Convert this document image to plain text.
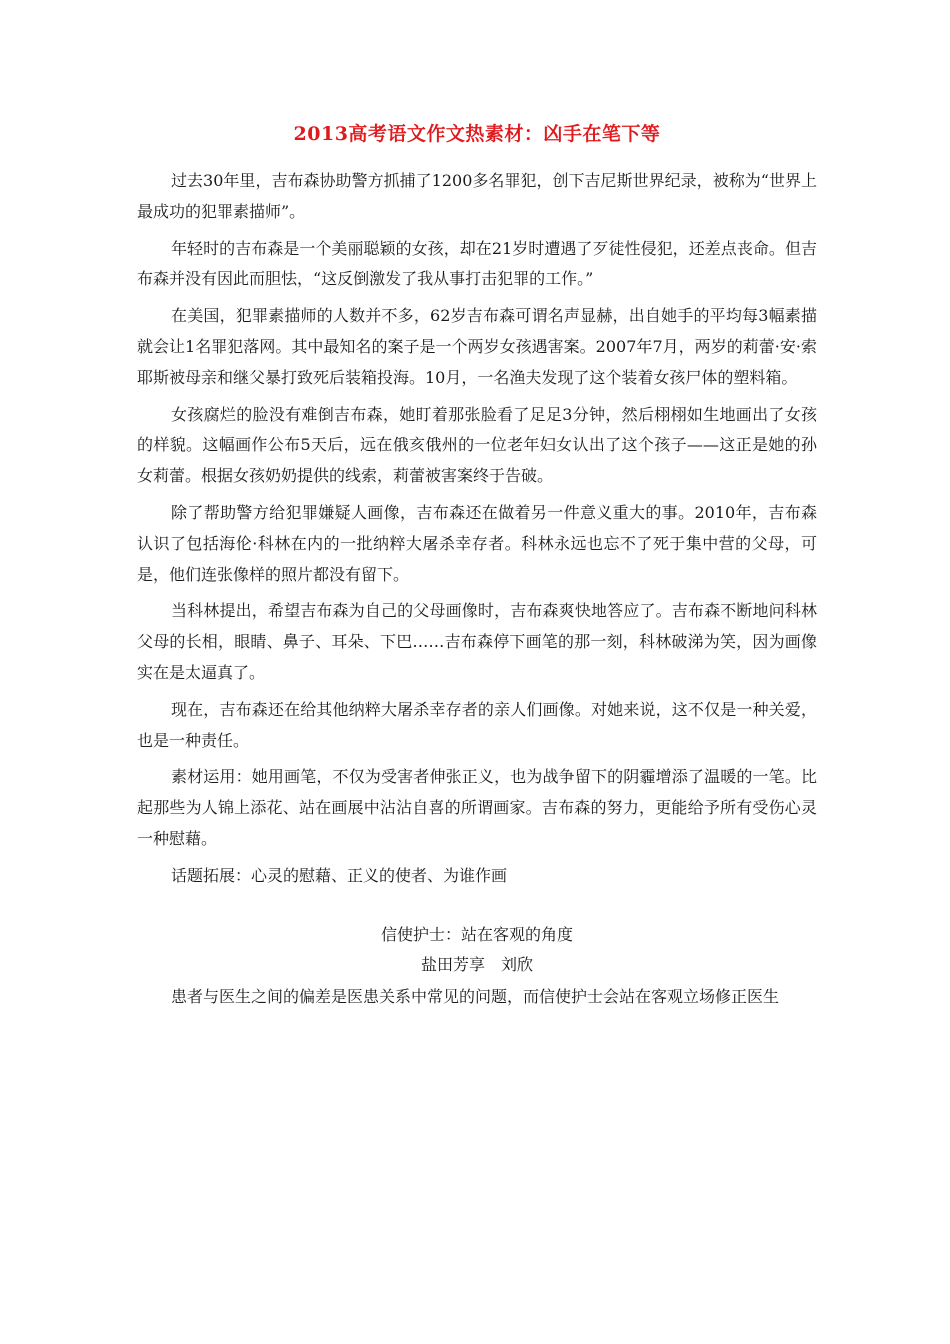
2013高考语文作文热素材：凶手在笔下等

过去30年里，吉布森协助警方抓捕了1200多名罪犯，创下吉尼斯世界纪录，被称为“世界上最成功的犯罪素描师”。

年轻时的吉布森是一个美丽聪颖的女孩，却在21岁时遭遇了歹徒性侵犯，还差点丧命。但吉布森并没有因此而胆怯，“这反倒激发了我从事打击犯罪的工作。”

在美国，犯罪素描师的人数并不多，62岁吉布森可谓名声显赫，出自她手的平均每3幅素描就会让1名罪犯落网。其中最知名的案子是一个两岁女孩遇害案。2007年7月，两岁的莉蕾·安·索耶斯被母亲和继父暴打致死后装箱投海。10月，一名渔夫发现了这个装着女孩尸体的塑料箱。

女孩腐烂的脸没有难倒吉布森，她盯着那张脸看了足足3分钟，然后栩栩如生地画出了女孩的样貌。这幅画作公布5天后，远在俄亥俄州的一位老年妇女认出了这个孩子——这正是她的孙女莉蕾。根据女孩奶奶提供的线索，莉蕾被害案终于告破。

除了帮助警方给犯罪嫌疑人画像，吉布森还在做着另一件意义重大的事。2010年，吉布森认识了包括海伦·科林在内的一批纳粹大屠杀幸存者。科林永远也忘不了死于集中营的父母，可是，他们连张像样的照片都没有留下。

当科林提出，希望吉布森为自己的父母画像时，吉布森爽快地答应了。吉布森不断地问科林父母的长相，眼睛、鼻子、耳朵、下巴……吉布森停下画笔的那一刻，科林破涕为笑，因为画像实在是太逼真了。

现在，吉布森还在给其他纳粹大屠杀幸存者的亲人们画像。对她来说，这不仅是一种关爱，也是一种责任。

素材运用：她用画笔，不仅为受害者伸张正义，也为战争留下的阴霾增添了温暖的一笔。比起那些为人锦上添花、站在画展中沾沾自喜的所谓画家。吉布森的努力，更能给予所有受伤心灵一种慰藉。

话题拓展：心灵的慰藉、正义的使者、为谁作画

信使护士：站在客观的角度

盐田芳享　刘欣

患者与医生之间的偏差是医患关系中常见的问题，而信使护士会站在客观立场修正医生
